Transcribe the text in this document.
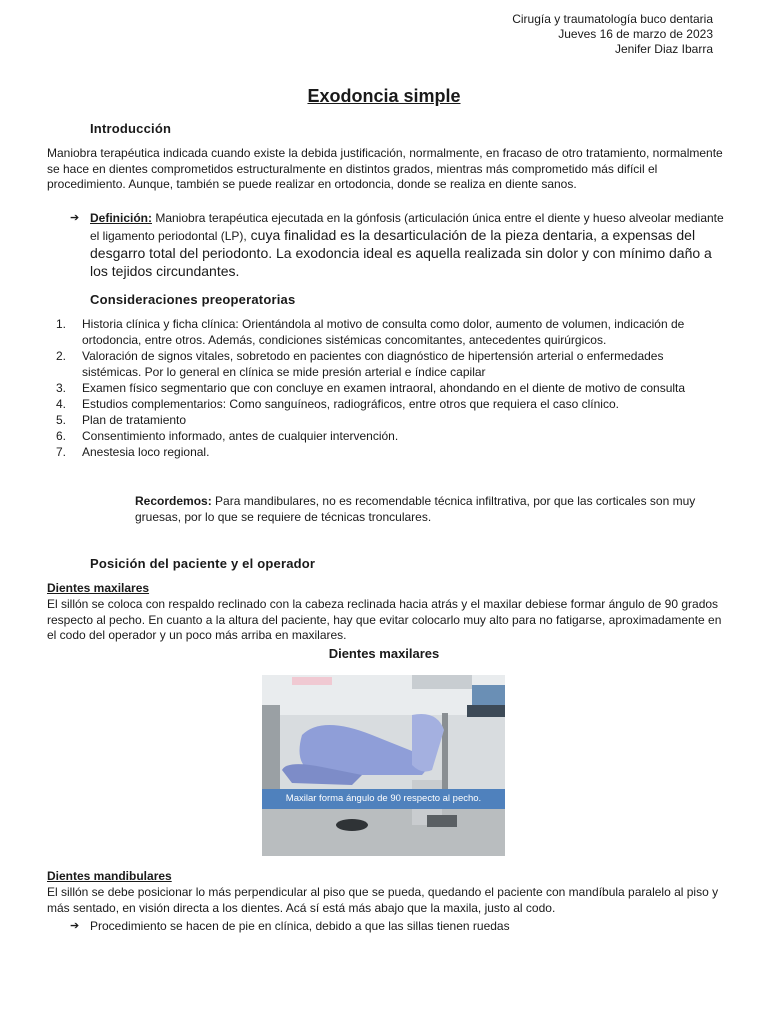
Cirugía y traumatología buco dentaria
Jueves 16 de marzo de 2023
Jenifer Diaz Ibarra
Exodoncia simple
Introducción

Maniobra terapéutica indicada cuando existe la debida justificación, normalmente, en fracaso de otro tratamiento, normalmente se hace en dientes comprometidos estructuralmente en distintos grados, mientras más comprometido más difícil el procedimiento. Aunque, también se puede realizar en ortodoncia, donde se realiza en diente sanos.

➔ Definición: Maniobra terapéutica ejecutada en la gónfosis (articulación única entre el diente y hueso alveolar mediante el ligamento periodontal (LP), cuya finalidad es la desarticulación de la pieza dentaria, a expensas del desgarro total del periodonto. La exodoncia ideal es aquella realizada sin dolor y con mínimo daño a los tejidos circundantes.
Consideraciones preoperatorias
1. Historia clínica y ficha clínica: Orientándola al motivo de consulta como dolor, aumento de volumen, indicación de ortodoncia, entre otros. Además, condiciones sistémicas concomitantes, antecedentes quirúrgicos.
2. Valoración de signos vitales, sobretodo en pacientes con diagnóstico de hipertensión arterial o enfermedades sistémicas. Por lo general en clínica se mide presión arterial e índice capilar
3. Examen físico segmentario que con concluye en examen intraoral, ahondando en el diente de motivo de consulta
4. Estudios complementarios: Como sanguíneos, radiográficos, entre otros que requiera el caso clínico.
5. Plan de tratamiento
6. Consentimiento informado, antes de cualquier intervención.
7. Anestesia loco regional.
Recordemos: Para mandibulares, no es recomendable técnica infiltrativa, por que las corticales son muy gruesas, por lo que se requiere de técnicas tronculares.
Posición del paciente y el operador
Dientes maxilares

El sillón se coloca con respaldo reclinado con la cabeza reclinada hacia atrás y el maxilar debiese formar ángulo de 90 grados respecto al pecho. En cuanto a la altura del paciente, hay que evitar colocarlo muy alto para no fatigarse, aproximadamente en el codo del operador y un poco más arriba en maxilares.

Dientes maxilares
Maxilar forma ángulo de 90 respecto al pecho.
Dientes mandibulares

El sillón se debe posicionar lo más perpendicular al piso que se pueda, quedando el paciente con mandíbula paralelo al piso y más sentado, en visión directa a los dientes. Acá sí está más abajo que la maxila, justo al codo.

➔ Procedimiento se hacen de pie en clínica, debido a que las sillas tienen ruedas
